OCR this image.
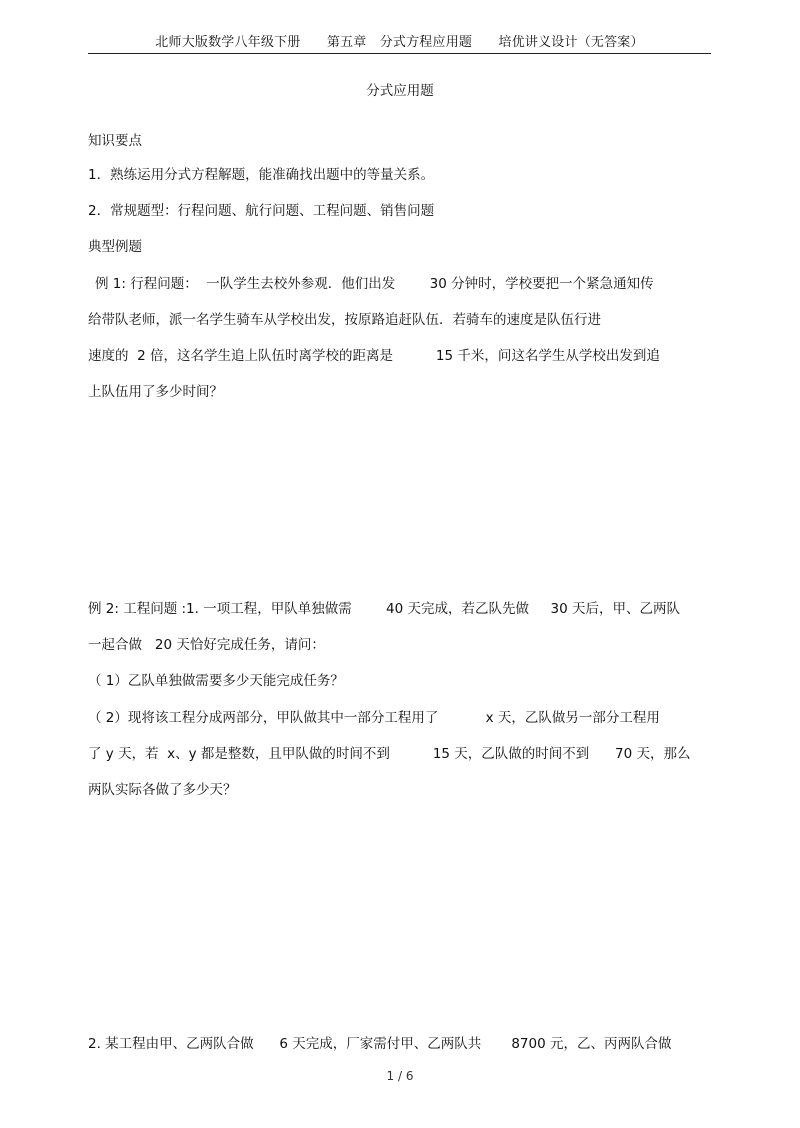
北师大版数学八年级下册　　第五章　分式方程应用题　　培优讲义设计（无答案）
分式应用题
知识要点
1．熟练运用分式方程解题，能准确找出题中的等量关系。
2．常规题型：行程问题、航行问题、工程问题、销售问题
典型例题
例 1: 行程问题：  一队学生去校外参观．他们出发        30 分钟时，学校要把一个紧急通知传
给带队老师，派一名学生骑车从学校出发，按原路追赶队伍．若骑车的速度是队伍行进
速度的  2 倍，这名学生追上队伍时离学校的距离是          15 千米，问这名学生从学校出发到追
上队伍用了多少时间？
例 2: 工程问题 :1. 一项工程，甲队单独做需        40 天完成，若乙队先做     30 天后，甲、乙两队
一起合做   20 天恰好完成任务，请问：
（ 1）乙队单独做需要多少天能完成任务？
（ 2）现将该工程分成两部分，甲队做其中一部分工程用了           x 天，乙队做另一部分工程用
了 y 天，若  x、y 都是整数，且甲队做的时间不到          15 天，乙队做的时间不到      70 天，那么
两队实际各做了多少天？
2. 某工程由甲、乙两队合做      6 天完成，厂家需付甲、乙两队共       8700 元，乙、丙两队合做
1 / 6
